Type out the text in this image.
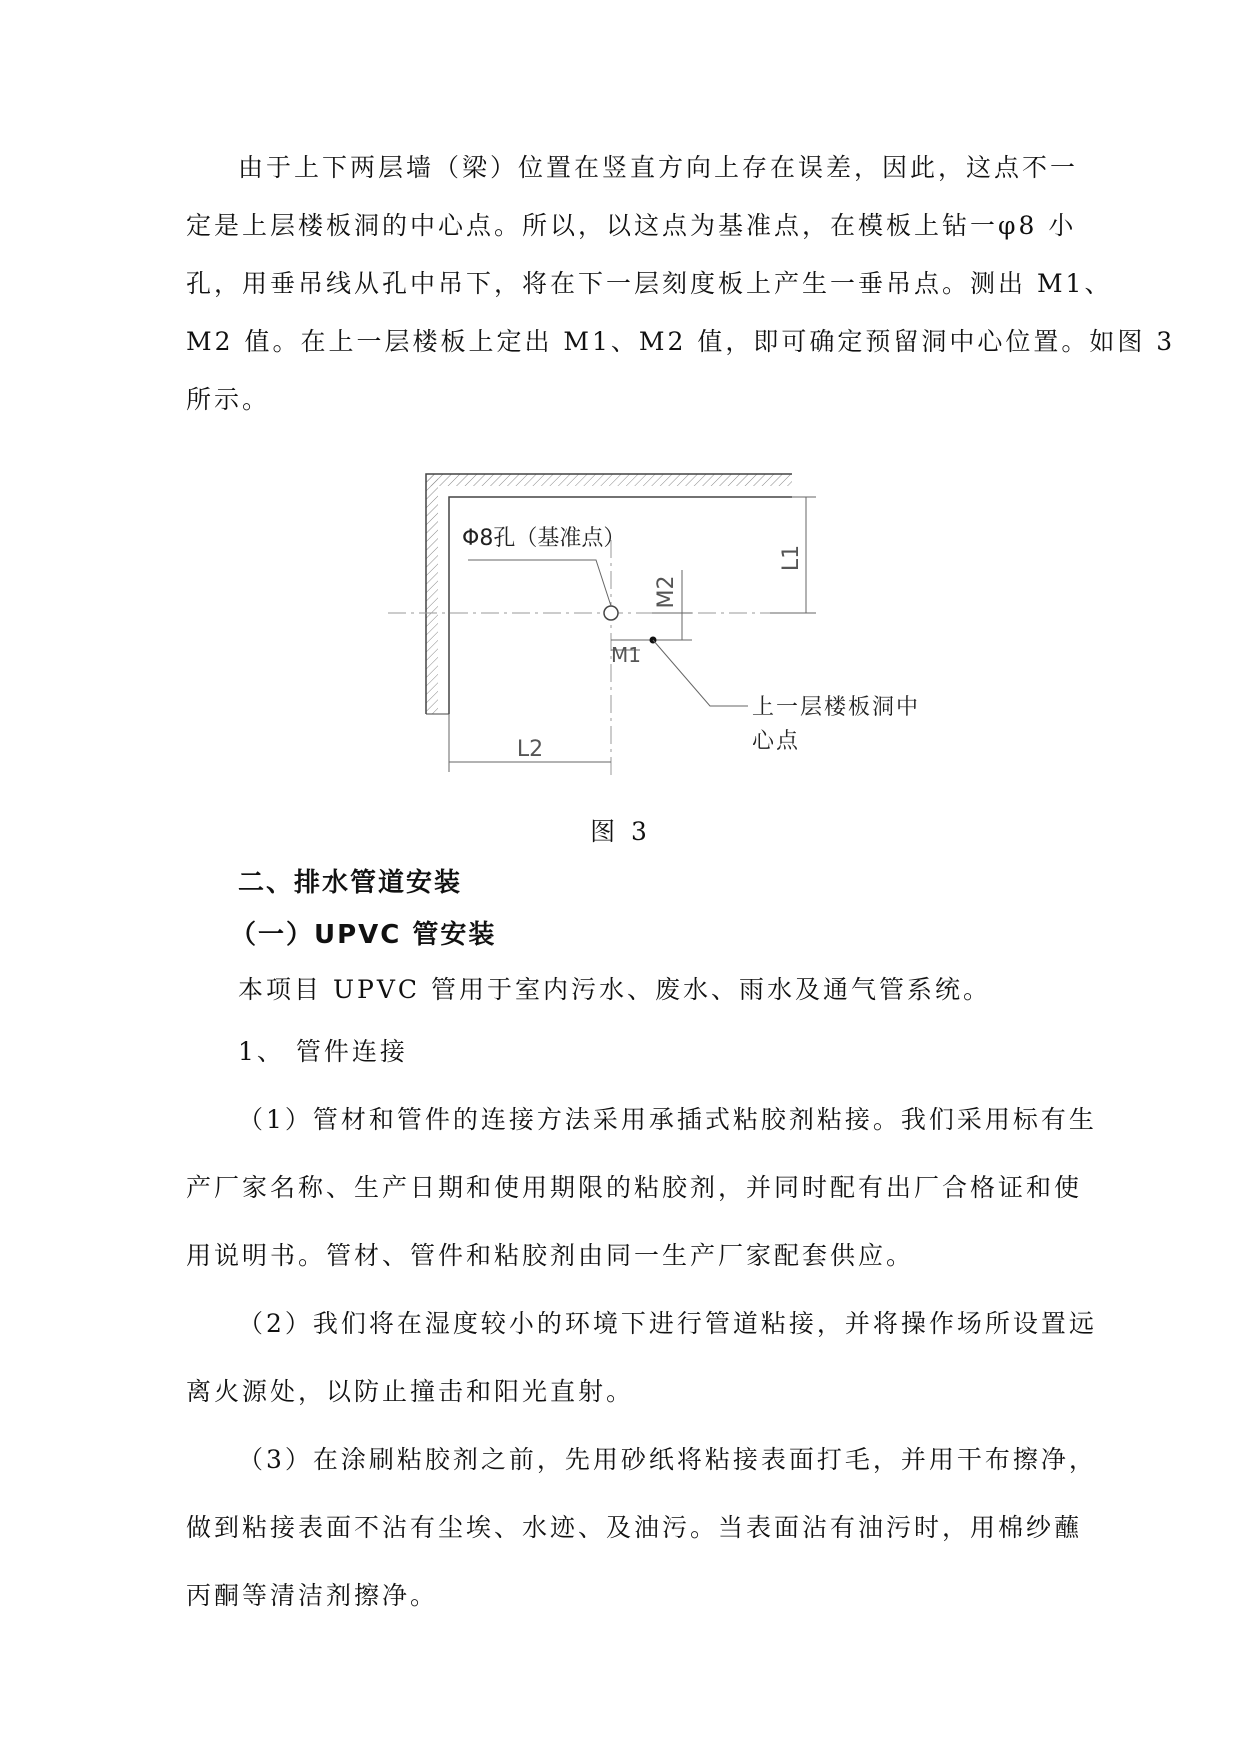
由于上下两层墙（梁）位置在竖直方向上存在误差，因此，这点不一
定是上层楼板洞的中心点。所以，以这点为基准点，在模板上钻一φ8 小
孔，用垂吊线从孔中吊下，将在下一层刻度板上产生一垂吊点。测出 M1、
M2 值。在上一层楼板上定出 M1、M2 值，即可确定预留洞中心位置。如图 3
所示。
Φ8孔（基准点）
L1
M2
M1
上一层楼板洞中
心点
L2
图 3
二、排水管道安装
（一）UPVC 管安装
本项目 UPVC 管用于室内污水、废水、雨水及通气管系统。
1、 管件连接
（1）管材和管件的连接方法采用承插式粘胶剂粘接。我们采用标有生
产厂家名称、生产日期和使用期限的粘胶剂，并同时配有出厂合格证和使
用说明书。管材、管件和粘胶剂由同一生产厂家配套供应。
（2）我们将在湿度较小的环境下进行管道粘接，并将操作场所设置远
离火源处，以防止撞击和阳光直射。
（3）在涂刷粘胶剂之前，先用砂纸将粘接表面打毛，并用干布擦净，
做到粘接表面不沾有尘埃、水迹、及油污。当表面沾有油污时，用棉纱蘸
丙酮等清洁剂擦净。
